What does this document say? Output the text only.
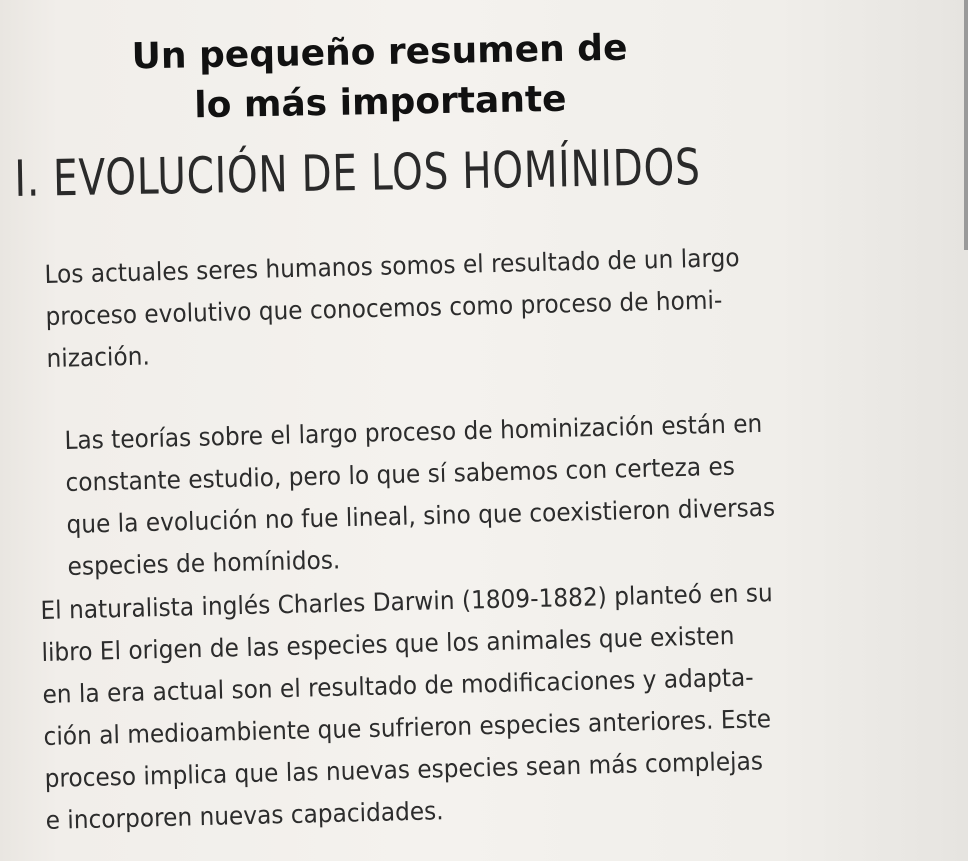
Un pequeño resumen de
lo más importante
I. EVOLUCIÓN DE LOS HOMÍNIDOS
Los actuales seres humanos somos el resultado de un largo
proceso evolutivo que conocemos como proceso de homi-
nización.
Las teorías sobre el largo proceso de hominización están en
constante estudio, pero lo que sí sabemos con certeza es
que la evolución no fue lineal, sino que coexistieron diversas
especies de homínidos.
El naturalista inglés Charles Darwin (1809-1882) planteó en su
libro El origen de las especies que los animales que existen
en la era actual son el resultado de modificaciones y adapta-
ción al medioambiente que sufrieron especies anteriores. Este
proceso implica que las nuevas especies sean más complejas
e incorporen nuevas capacidades.
